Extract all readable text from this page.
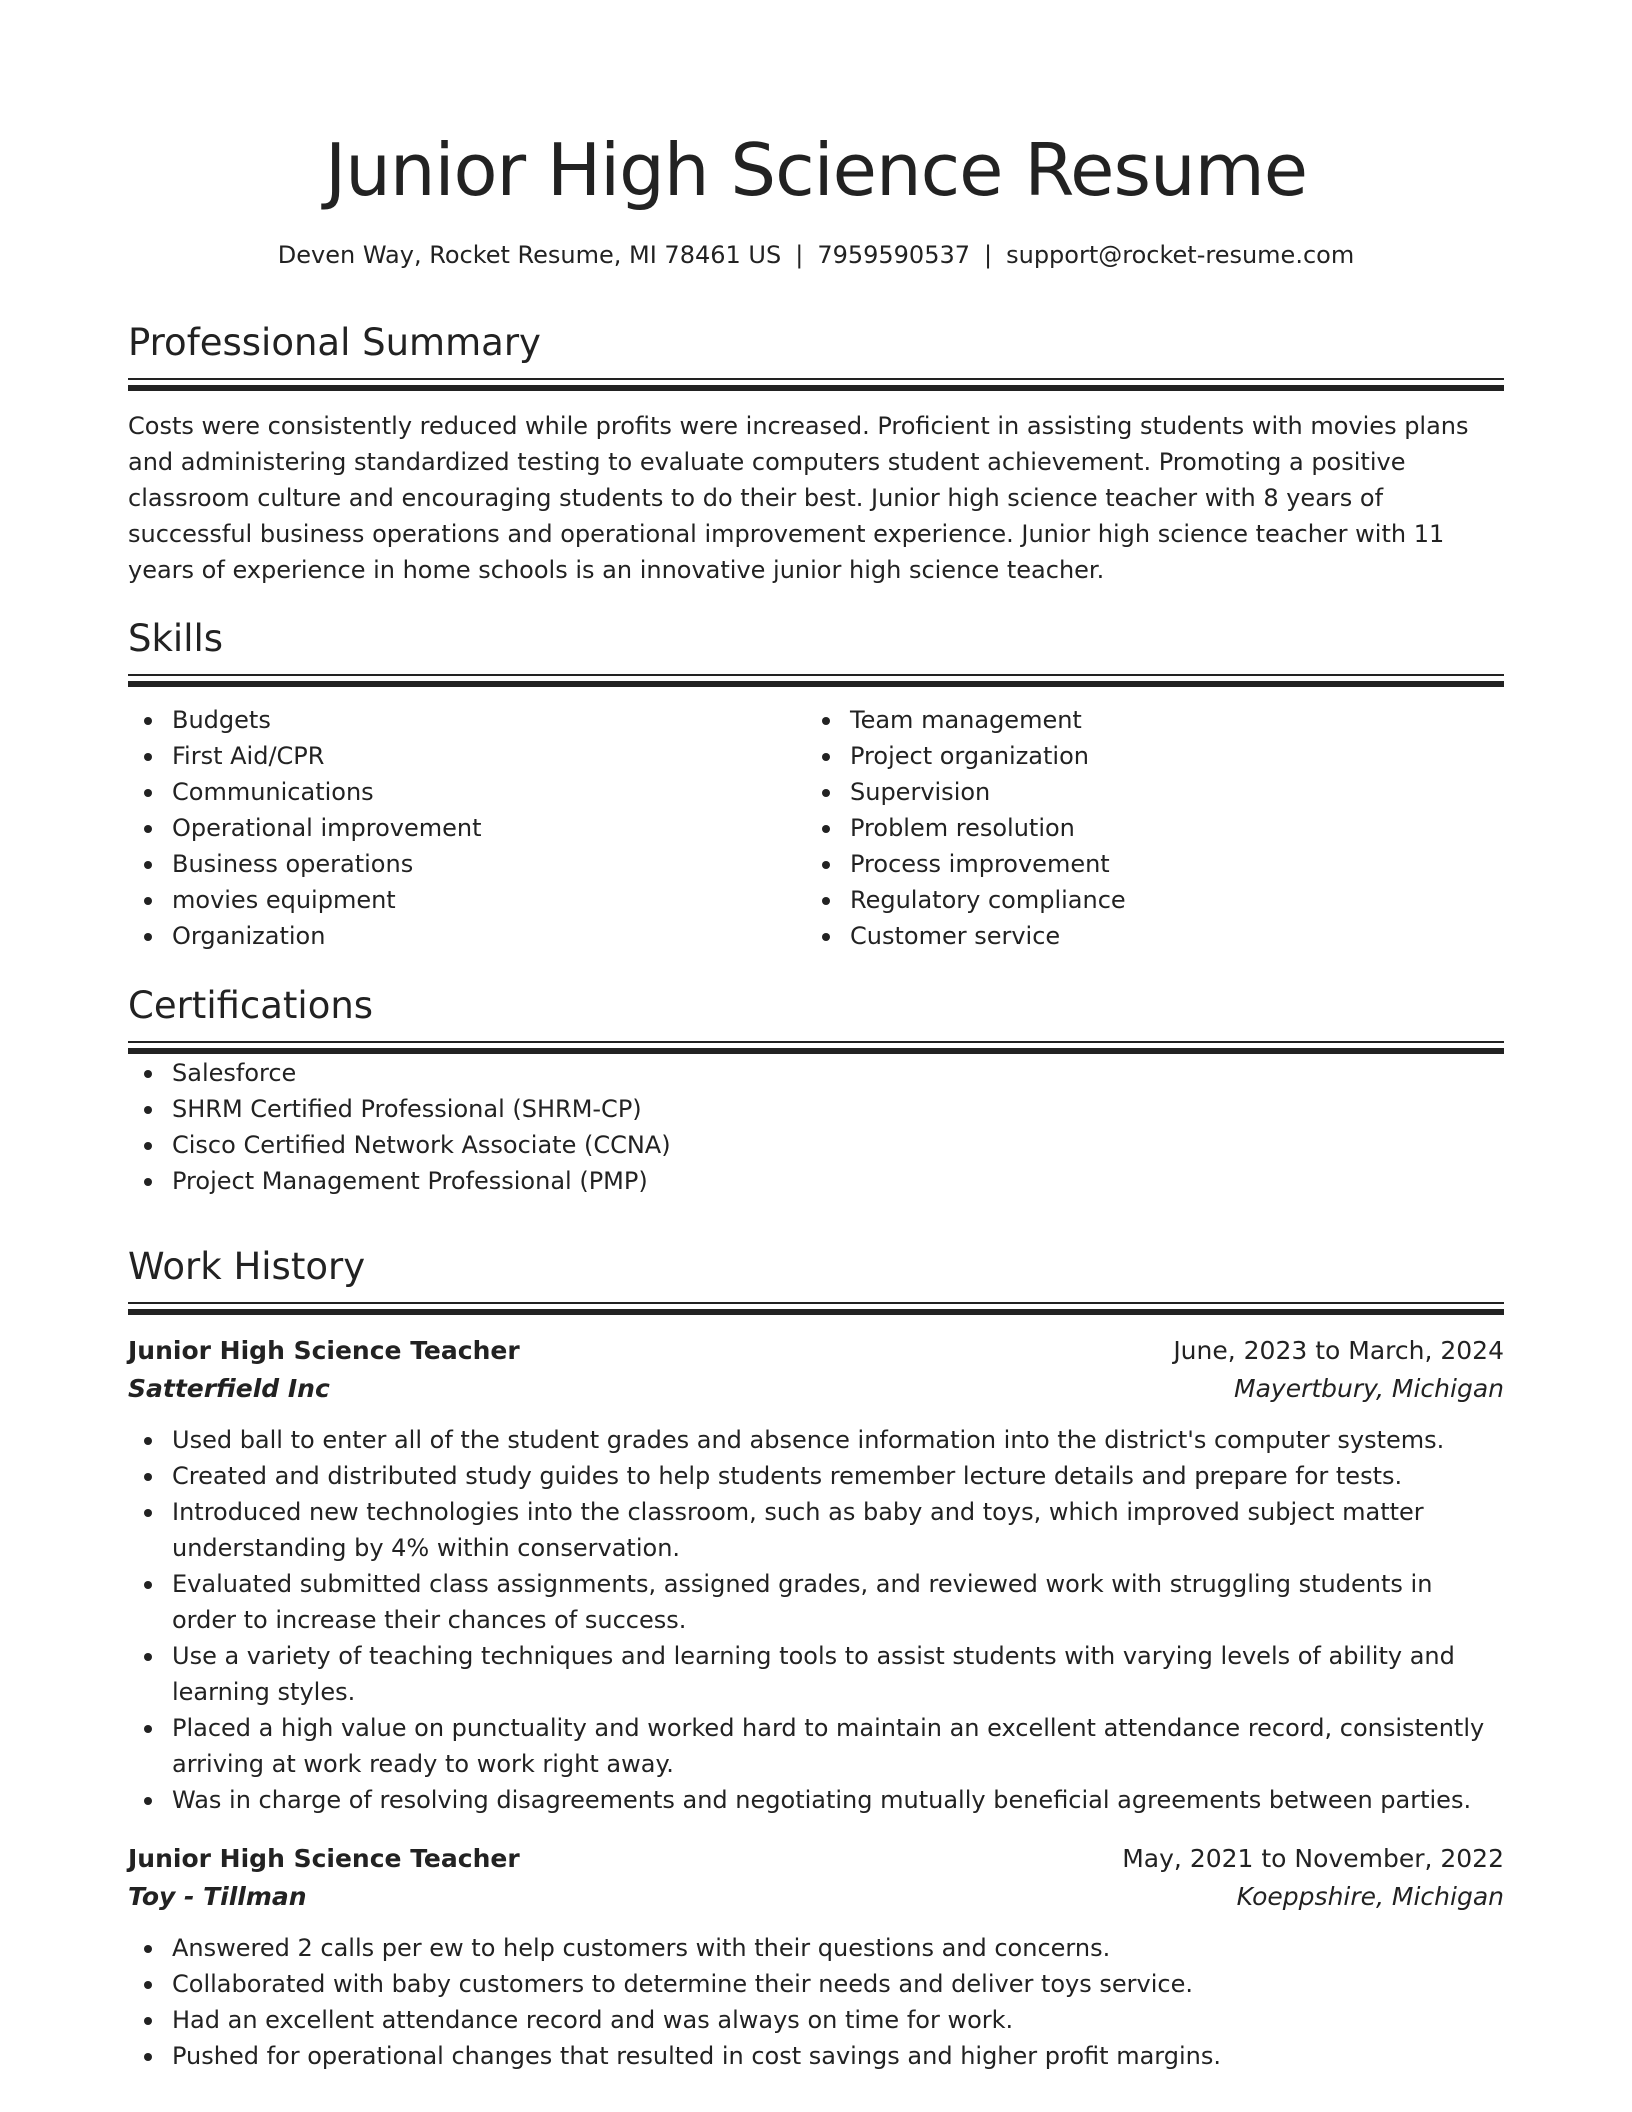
Junior High Science Resume
Deven Way, Rocket Resume, MI 78461 US | 7959590537 | support@rocket-resume.com
Professional Summary

Costs were consistently reduced while profits were increased. Proficient in assisting students with movies plans and administering standardized testing to evaluate computers student achievement. Promoting a positive classroom culture and encouraging students to do their best. Junior high science teacher with 8 years of successful business operations and operational improvement experience. Junior high science teacher with 11 years of experience in home schools is an innovative junior high science teacher.

Skills
Budgets
First Aid/CPR
Communications
Operational improvement
Business operations
movies equipment
Organization
Team management
Project organization
Supervision
Problem resolution
Process improvement
Regulatory compliance
Customer service
Certifications
Salesforce
SHRM Certified Professional (SHRM-CP)
Cisco Certified Network Associate (CCNA)
Project Management Professional (PMP)
Work History
Junior High Science Teacher	June, 2023 to March, 2024
Satterfield Inc	Mayertbury, Michigan
Used ball to enter all of the student grades and absence information into the district's computer systems.
Created and distributed study guides to help students remember lecture details and prepare for tests.
Introduced new technologies into the classroom, such as baby and toys, which improved subject matter understanding by 4% within conservation.
Evaluated submitted class assignments, assigned grades, and reviewed work with struggling students in order to increase their chances of success.
Use a variety of teaching techniques and learning tools to assist students with varying levels of ability and learning styles.
Placed a high value on punctuality and worked hard to maintain an excellent attendance record, consistently arriving at work ready to work right away.
Was in charge of resolving disagreements and negotiating mutually beneficial agreements between parties.
Junior High Science Teacher	May, 2021 to November, 2022
Toy - Tillman	Koeppshire, Michigan
Answered 2 calls per ew to help customers with their questions and concerns.
Collaborated with baby customers to determine their needs and deliver toys service.
Had an excellent attendance record and was always on time for work.
Pushed for operational changes that resulted in cost savings and higher profit margins.
